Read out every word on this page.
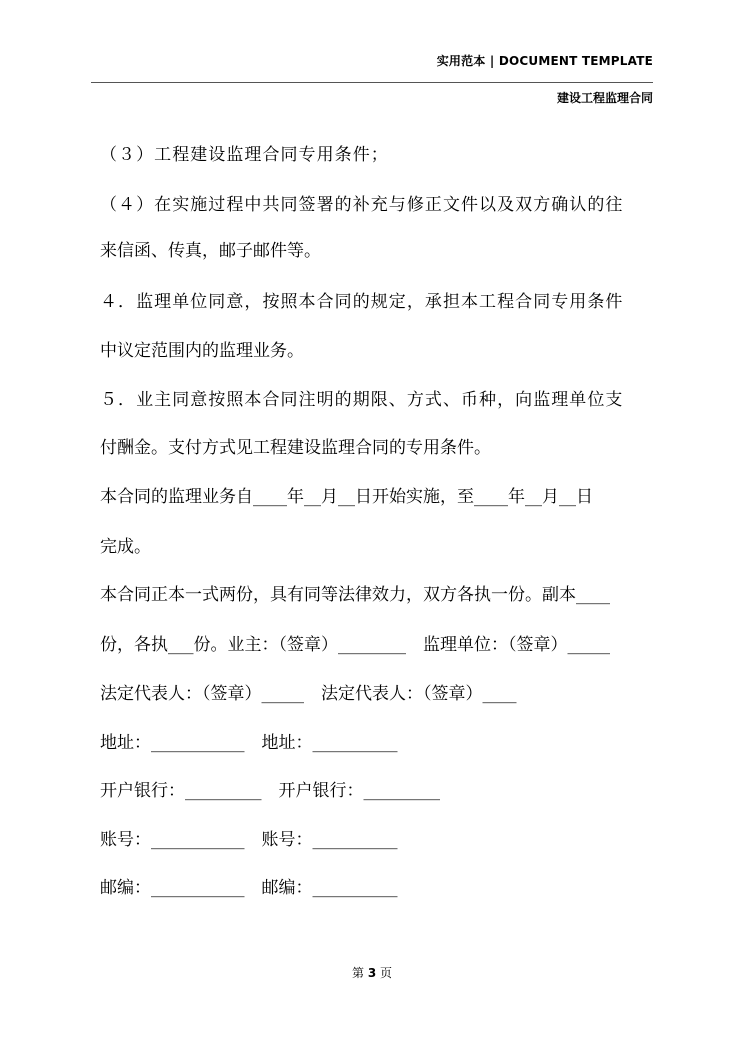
实用范本 | DOCUMENT TEMPLATE
建设工程监理合同
（３）工程建设监理合同专用条件；
（４）在实施过程中共同签署的补充与修正文件以及双方确认的往
来信函、传真，邮子邮件等。
４．监理单位同意，按照本合同的规定，承担本工程合同专用条件
中议定范围内的监理业务。
５．业主同意按照本合同注明的期限、方式、币种，向监理单位支
付酬金。支付方式见工程建设监理合同的专用条件。
本合同的监理业务自____年__月__日开始实施，至____年__月__日
完成。
本合同正本一式两份，具有同等法律效力，双方各执一份。副本____
份，各执___份。业主：（签章）________　监理单位：（签章）_____
法定代表人：（签章）_____　法定代表人：（签章）____
地址：___________　地址：__________
开户银行：_________　开户银行：_________
账号：___________　账号：__________
邮编：___________　邮编：__________
第 3 页
